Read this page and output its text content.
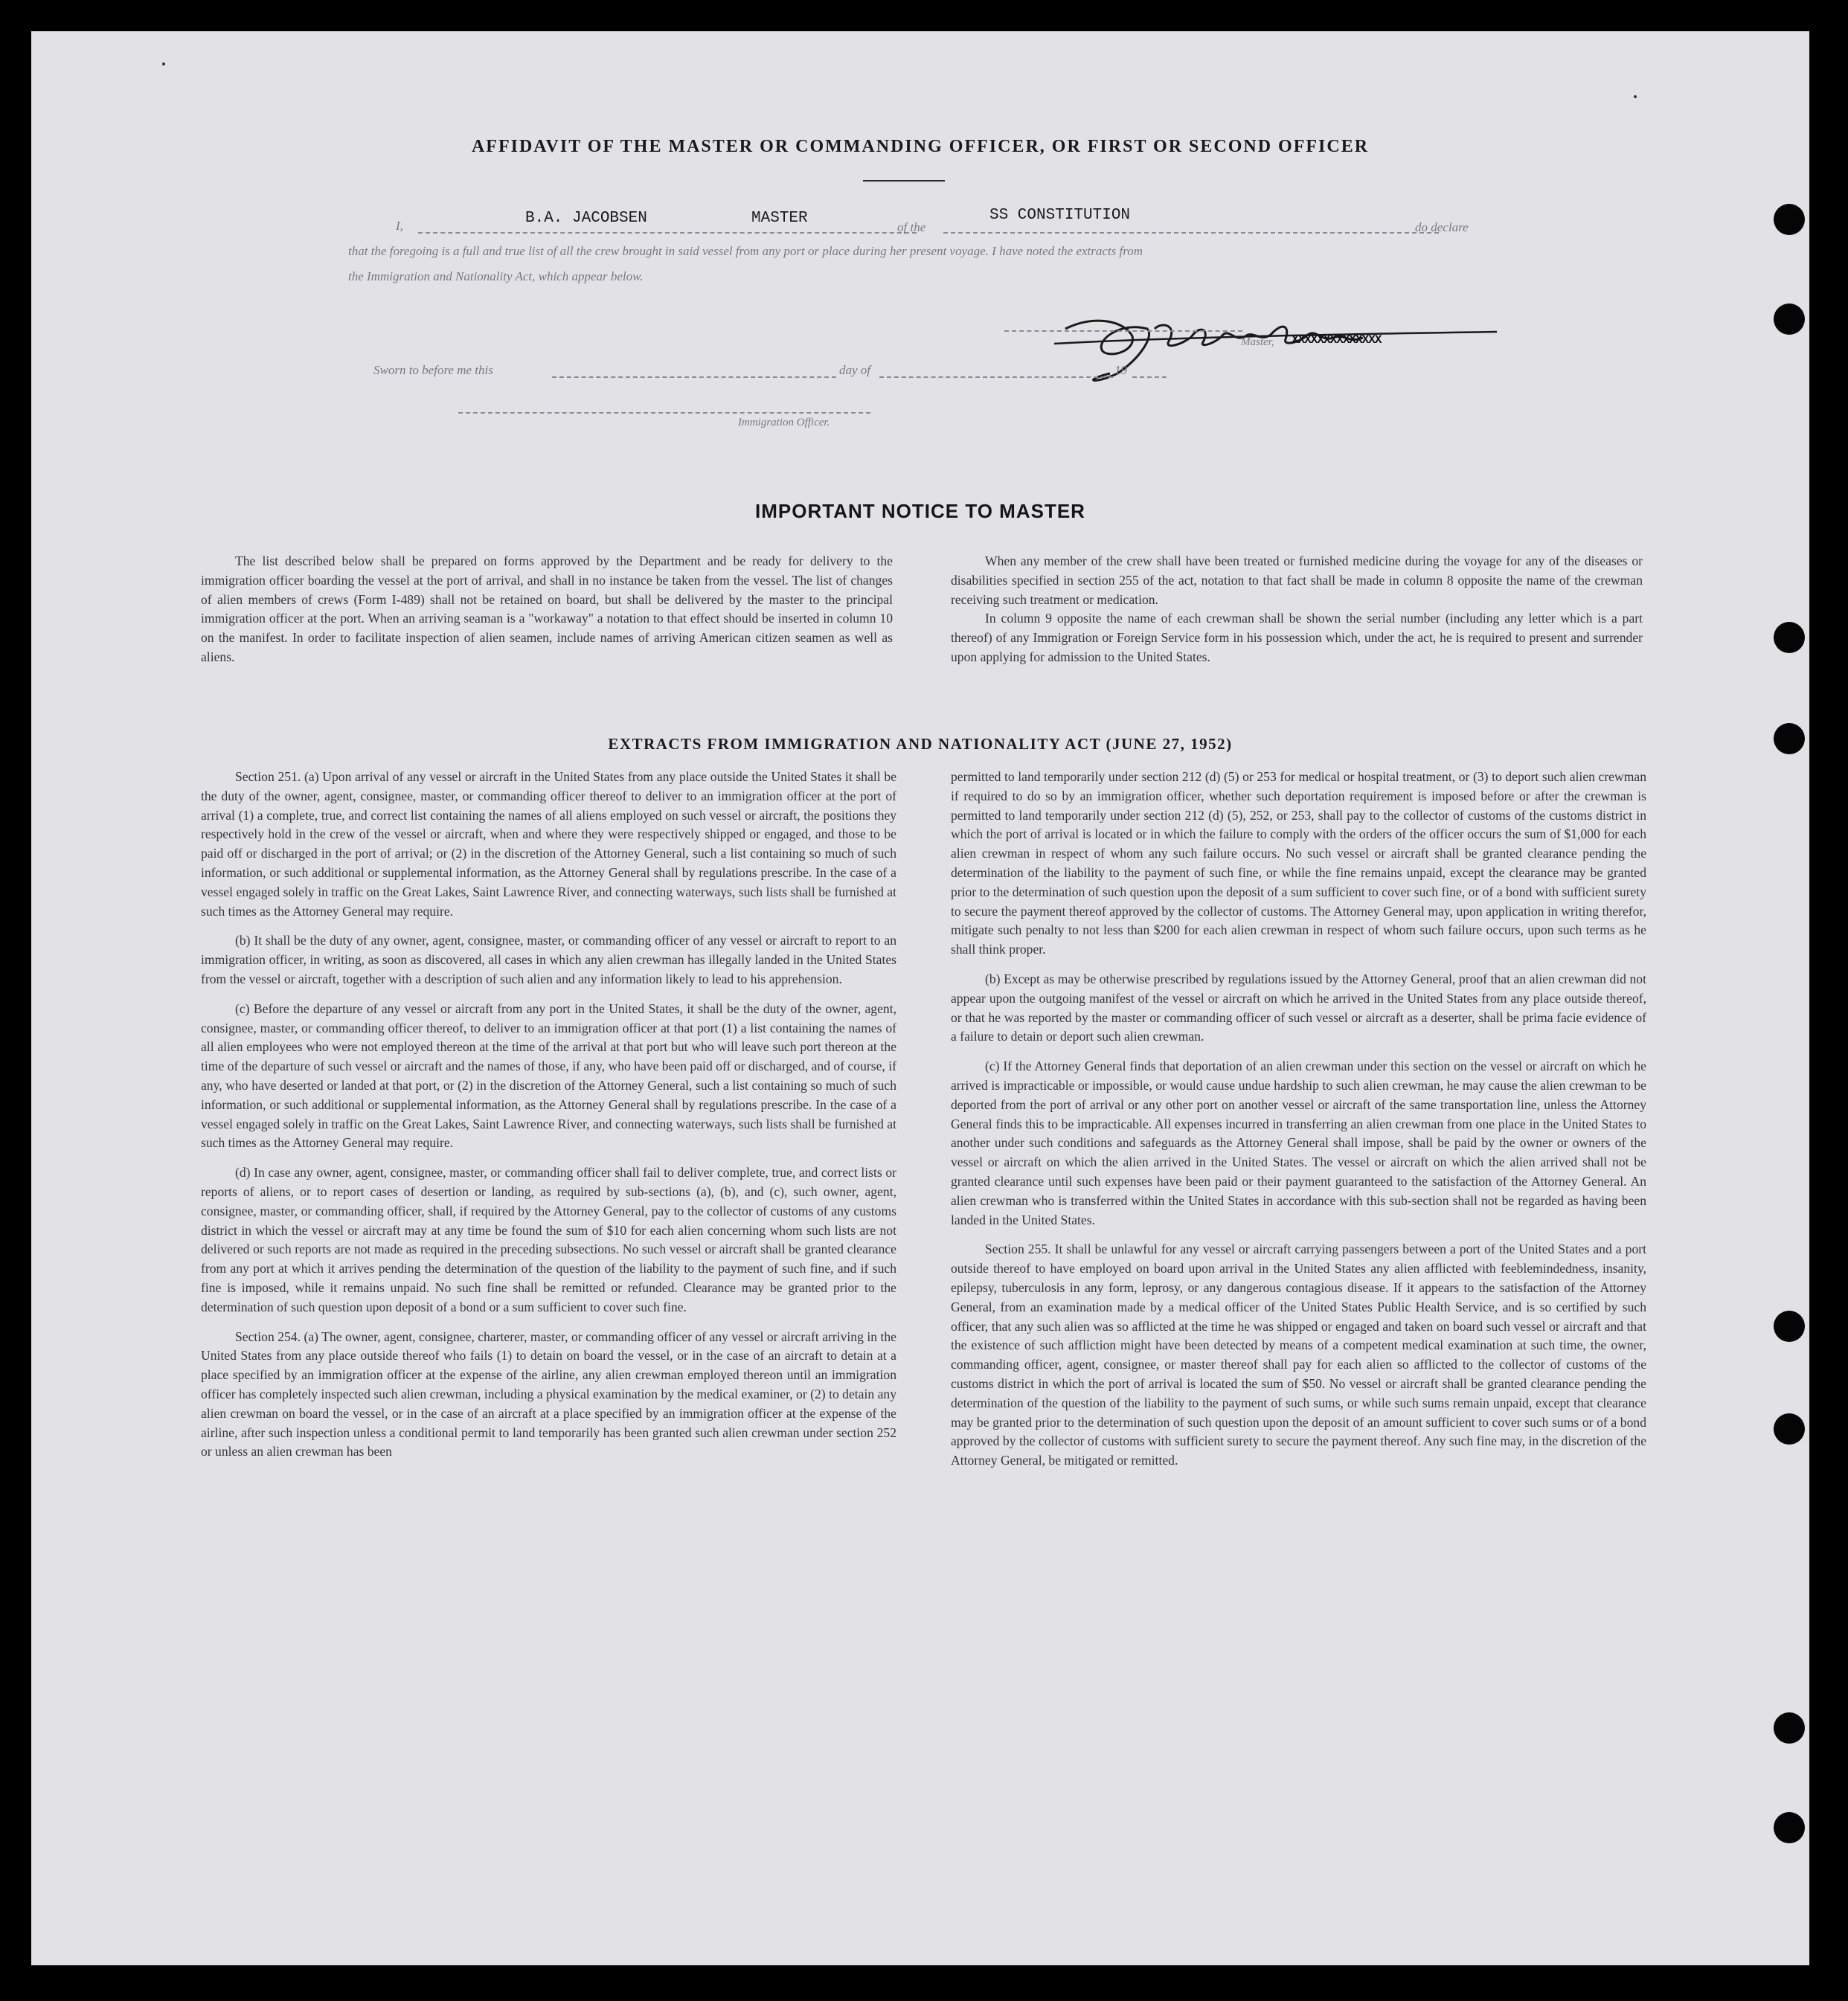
AFFIDAVIT OF THE MASTER OR COMMANDING OFFICER, OR FIRST OR SECOND OFFICER
I,	B.A. JACOBSEN	MASTER
of the
SS CONSTITUTION
do declare
that the foregoing is a full and true list of all the crew brought in said vessel from any port or place during her present voyage. I have noted the extracts from
the Immigration and Nationality Act, which appear below.
Master, XXXXXXXXXXXXXX
Sworn to before me this	day of	19
Immigration Officer.
IMPORTANT NOTICE TO MASTER

The list described below shall be prepared on forms approved by the Department and be ready for delivery to the immigration officer boarding the vessel at the port of arrival, and shall in no instance be taken from the vessel. The list of changes of alien members of crews (Form I-489) shall not be retained on board, but shall be delivered by the master to the principal immigration officer at the port. When an arriving seaman is a "workaway" a notation to that effect should be inserted in column 10 on the manifest. In order to facilitate inspection of alien seamen, include names of arriving American citizen seamen as well as aliens.

When any member of the crew shall have been treated or furnished medicine during the voyage for any of the diseases or disabilities specified in section 255 of the act, notation to that fact shall be made in column 8 opposite the name of the crewman receiving such treatment or medication.

In column 9 opposite the name of each crewman shall be shown the serial number (including any letter which is a part thereof) of any Immigration or Foreign Service form in his possession which, under the act, he is required to present and surrender upon applying for admission to the United States.

EXTRACTS FROM IMMIGRATION AND NATIONALITY ACT (JUNE 27, 1952)

Section 251. (a) Upon arrival of any vessel or aircraft in the United States from any place outside the United States it shall be the duty of the owner, agent, consignee, master, or commanding officer thereof to deliver to an immigration officer at the port of arrival (1) a complete, true, and correct list containing the names of all aliens employed on such vessel or aircraft, the positions they respectively hold in the crew of the vessel or aircraft, when and where they were respectively shipped or engaged, and those to be paid off or discharged in the port of arrival; or (2) in the discretion of the Attorney General, such a list containing so much of such information, or such additional or supplemental information, as the Attorney General shall by regulations prescribe. In the case of a vessel engaged solely in traffic on the Great Lakes, Saint Lawrence River, and connecting waterways, such lists shall be furnished at such times as the Attorney General may require.

(b) It shall be the duty of any owner, agent, consignee, master, or commanding officer of any vessel or aircraft to report to an immigration officer, in writing, as soon as discovered, all cases in which any alien crewman has illegally landed in the United States from the vessel or aircraft, together with a description of such alien and any information likely to lead to his apprehension.

(c) Before the departure of any vessel or aircraft from any port in the United States, it shall be the duty of the owner, agent, consignee, master, or commanding officer thereof, to deliver to an immigration officer at that port (1) a list containing the names of all alien employees who were not employed thereon at the time of the arrival at that port but who will leave such port thereon at the time of the departure of such vessel or aircraft and the names of those, if any, who have been paid off or discharged, and of course, if any, who have deserted or landed at that port, or (2) in the discretion of the Attorney General, such a list containing so much of such information, or such additional or supplemental information, as the Attorney General shall by regulations prescribe. In the case of a vessel engaged solely in traffic on the Great Lakes, Saint Lawrence River, and connecting waterways, such lists shall be furnished at such times as the Attorney General may require.

(d) In case any owner, agent, consignee, master, or commanding officer shall fail to deliver complete, true, and correct lists or reports of aliens, or to report cases of desertion or landing, as required by sub-sections (a), (b), and (c), such owner, agent, consignee, master, or commanding officer, shall, if required by the Attorney General, pay to the collector of customs of any customs district in which the vessel or aircraft may at any time be found the sum of $10 for each alien concerning whom such lists are not delivered or such reports are not made as required in the preceding subsections. No such vessel or aircraft shall be granted clearance from any port at which it arrives pending the determination of the question of the liability to the payment of such fine, and if such fine is imposed, while it remains unpaid. No such fine shall be remitted or refunded. Clearance may be granted prior to the determination of such question upon deposit of a bond or a sum sufficient to cover such fine.

Section 254. (a) The owner, agent, consignee, charterer, master, or commanding officer of any vessel or aircraft arriving in the United States from any place outside thereof who fails (1) to detain on board the vessel, or in the case of an aircraft to detain at a place specified by an immigration officer at the expense of the airline, any alien crewman employed thereon until an immigration officer has completely inspected such alien crewman, including a physical examination by the medical examiner, or (2) to detain any alien crewman on board the vessel, or in the case of an aircraft at a place specified by an immigration officer at the expense of the airline, after such inspection unless a conditional permit to land temporarily has been granted such alien crewman under section 252 or unless an alien crewman has been

permitted to land temporarily under section 212 (d) (5) or 253 for medical or hospital treatment, or (3) to deport such alien crewman if required to do so by an immigration officer, whether such deportation requirement is imposed before or after the crewman is permitted to land temporarily under section 212 (d) (5), 252, or 253, shall pay to the collector of customs of the customs district in which the port of arrival is located or in which the failure to comply with the orders of the officer occurs the sum of $1,000 for each alien crewman in respect of whom any such failure occurs. No such vessel or aircraft shall be granted clearance pending the determination of the liability to the payment of such fine, or while the fine remains unpaid, except the clearance may be granted prior to the determination of such question upon the deposit of a sum sufficient to cover such fine, or of a bond with sufficient surety to secure the payment thereof approved by the collector of customs. The Attorney General may, upon application in writing therefor, mitigate such penalty to not less than $200 for each alien crewman in respect of whom such failure occurs, upon such terms as he shall think proper.

(b) Except as may be otherwise prescribed by regulations issued by the Attorney General, proof that an alien crewman did not appear upon the outgoing manifest of the vessel or aircraft on which he arrived in the United States from any place outside thereof, or that he was reported by the master or commanding officer of such vessel or aircraft as a deserter, shall be prima facie evidence of a failure to detain or deport such alien crewman.

(c) If the Attorney General finds that deportation of an alien crewman under this section on the vessel or aircraft on which he arrived is impracticable or impossible, or would cause undue hardship to such alien crewman, he may cause the alien crewman to be deported from the port of arrival or any other port on another vessel or aircraft of the same transportation line, unless the Attorney General finds this to be impracticable. All expenses incurred in transferring an alien crewman from one place in the United States to another under such conditions and safeguards as the Attorney General shall impose, shall be paid by the owner or owners of the vessel or aircraft on which the alien arrived in the United States. The vessel or aircraft on which the alien arrived shall not be granted clearance until such expenses have been paid or their payment guaranteed to the satisfaction of the Attorney General. An alien crewman who is transferred within the United States in accordance with this sub-section shall not be regarded as having been landed in the United States.

Section 255. It shall be unlawful for any vessel or aircraft carrying passengers between a port of the United States and a port outside thereof to have employed on board upon arrival in the United States any alien afflicted with feeblemindedness, insanity, epilepsy, tuberculosis in any form, leprosy, or any dangerous contagious disease. If it appears to the satisfaction of the Attorney General, from an examination made by a medical officer of the United States Public Health Service, and is so certified by such officer, that any such alien was so afflicted at the time he was shipped or engaged and taken on board such vessel or aircraft and that the existence of such affliction might have been detected by means of a competent medical examination at such time, the owner, commanding officer, agent, consignee, or master thereof shall pay for each alien so afflicted to the collector of customs of the customs district in which the port of arrival is located the sum of $50. No vessel or aircraft shall be granted clearance pending the determination of the question of the liability to the payment of such sums, or while such sums remain unpaid, except that clearance may be granted prior to the determination of such question upon the deposit of an amount sufficient to cover such sums or of a bond approved by the collector of customs with sufficient surety to secure the payment thereof. Any such fine may, in the discretion of the Attorney General, be mitigated or remitted.
